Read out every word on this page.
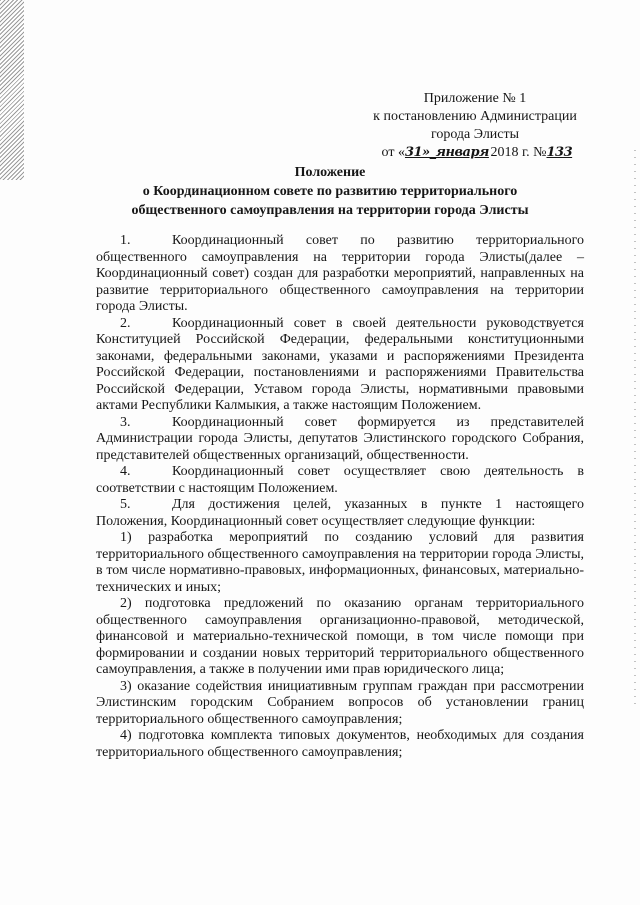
Приложение № 1
к постановлению Администрации
города Элисты
от «31»_января 2018 г. №133
Положение
о Координационном совете по развитию территориального
общественного самоуправления на территории города Элисты

1.	Координационный совет по развитию территориального общественного самоуправления на территории города Элисты(далее – Координационный совет) создан для разработки мероприятий, направленных на развитие территориального общественного самоуправления на территории города Элисты.

2.	Координационный совет в своей деятельности руководствуется Конституцией Российской Федерации, федеральными конституционными законами, федеральными законами, указами и распоряжениями Президента Российской Федерации, постановлениями и распоряжениями Правительства Российской Федерации, Уставом города Элисты, нормативными правовыми актами Республики Калмыкия, а также настоящим Положением.

3.	Координационный совет формируется из представителей Администрации города Элисты, депутатов Элистинского городского Собрания, представителей общественных организаций, общественности.

4.	Координационный совет осуществляет свою деятельность в соответствии с настоящим Положением.

5.	Для достижения целей, указанных в пункте 1 настоящего Положения, Координационный совет осуществляет следующие функции:

1) разработка мероприятий по созданию условий для развития территориального общественного самоуправления на территории города Элисты, в том числе нормативно-правовых, информационных, финансовых, материально-технических и иных;

2) подготовка предложений по оказанию органам территориального общественного самоуправления организационно-правовой, методической, финансовой и материально-технической помощи, в том числе помощи при формировании и создании новых территорий территориального общественного самоуправления, а также в получении ими прав юридического лица;

3) оказание содействия инициативным группам граждан при рассмотрении Элистинским городским Собранием вопросов об установлении границ территориального общественного самоуправления;

4) подготовка комплекта типовых документов, необходимых для создания территориального общественного самоуправления;
